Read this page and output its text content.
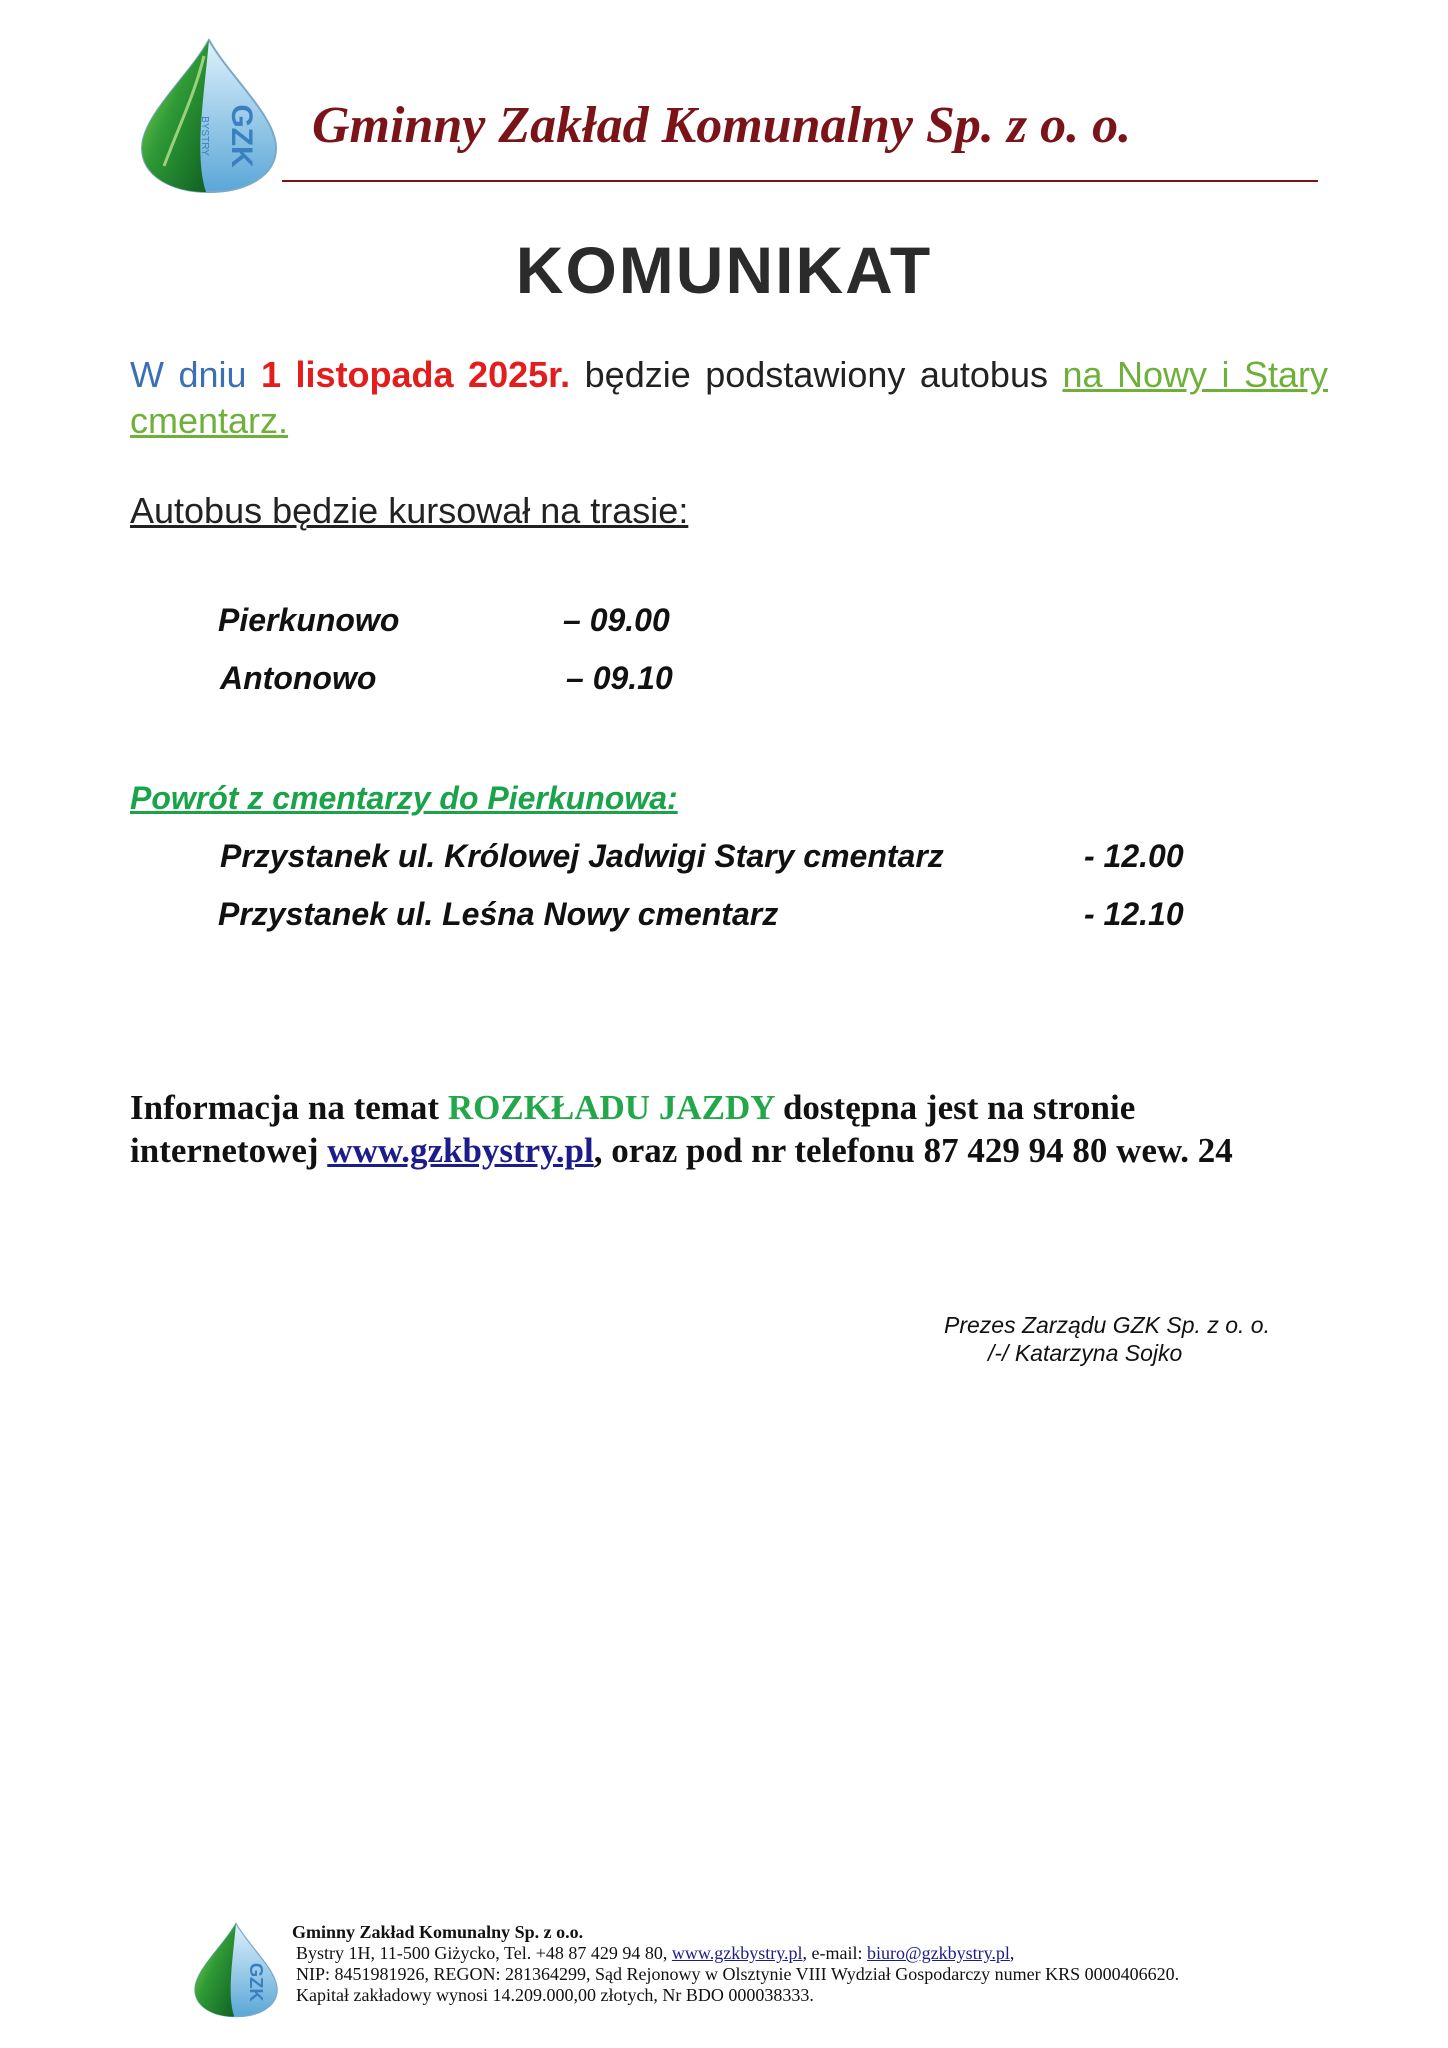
GZK
BYSTRY Gminny Zakład Komunalny Sp. z o. o.
KOMUNIKAT
W dniu 1 listopada 2025r. będzie podstawiony autobus na Nowy i Stary cmentarz.
Autobus będzie kursował na trasie:
Pierkunowo	– 09.00
Antonowo	– 09.10
Powrót z cmentarzy do Pierkunowa:
Przystanek ul. Królowej Jadwigi Stary cmentarz	- 12.00
Przystanek ul. Leśna Nowy cmentarz	- 12.10
Informacja na temat ROZKŁADU JAZDY dostępna jest na stronie internetowej www.gzkbystry.pl, oraz pod nr telefonu 87 429 94 80 wew. 24
Prezes Zarządu GZK Sp. z o. o.
/-/ Katarzyna Sojko
GZK
Gminny Zakład Komunalny Sp. z o.o.
Bystry 1H, 11-500 Giżycko, Tel. +48 87 429 94 80, www.gzkbystry.pl, e-mail: biuro@gzkbystry.pl,
NIP: 8451981926, REGON: 281364299, Sąd Rejonowy w Olsztynie VIII Wydział Gospodarczy numer KRS 0000406620.
Kapitał zakładowy wynosi 14.209.000,00 złotych, Nr BDO 000038333.
